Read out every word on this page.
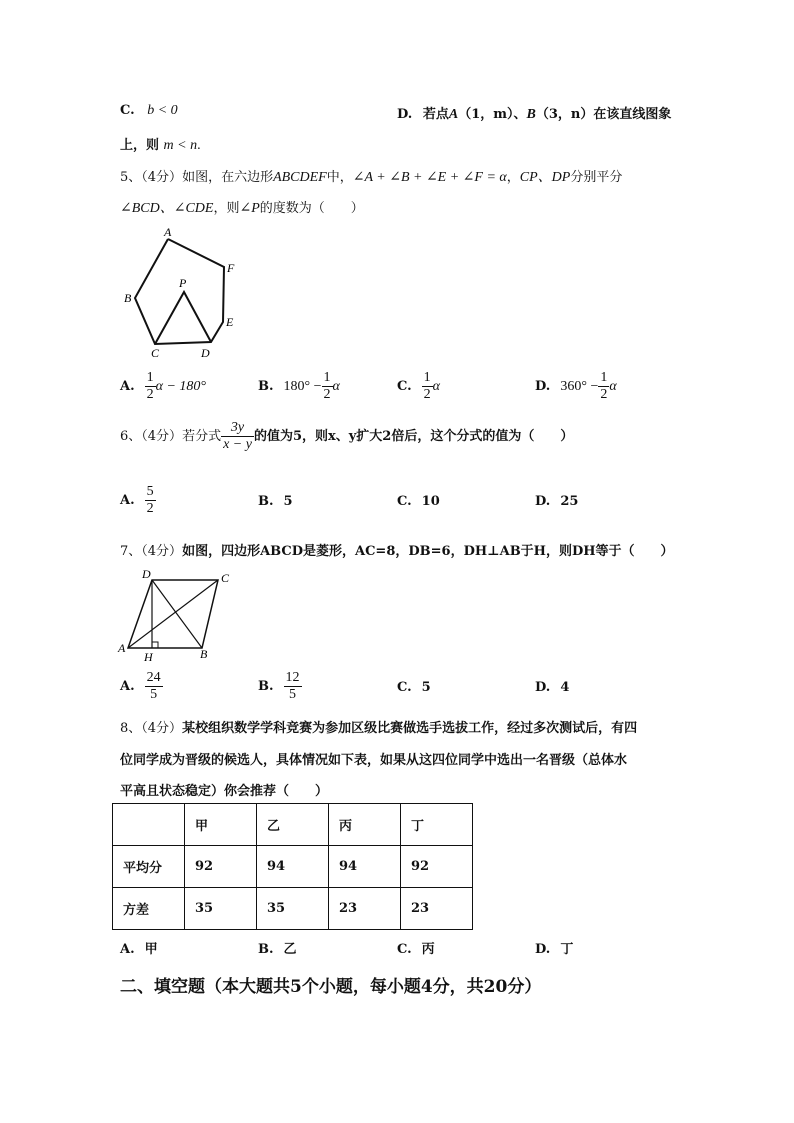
C. b < 0	D. 若点A（1，m）、B（3，n）在该直线图象
上，则 m < n.
5、（4分）如图，在六边形ABCDEF中，∠A + ∠B + ∠E + ∠F = α，CP、DP分别平分
∠BCD、∠CDE，则∠P的度数为（　　）
A
B
C	D
E
F
P
A. $\frac{1}{2}$ α − 180°	B. $180^\circ - \frac{1}{2}$ α	C. $\frac{1}{2}$ α	D. $360^\circ - \frac{1}{2}$ α
6、（4分）若分式 $\frac{3y}{x - y}$ 的值为5，则x、y扩大2倍后，这个分式的值为（　　）
A. $\frac{5}{2}$	B. 5	C. 10	D. 25
7、（4分）如图，四边形ABCD是菱形，AC=8，DB=6，DH⊥AB于H，则DH等于（　　）
D	C
A
H	B
A. $\frac{24}{5}$	B. $\frac{12}{5}$	C. 5	D. 4
8、（4分）某校组织数学学科竞赛为参加区级比赛做选手选拔工作，经过多次测试后，有四
位同学成为晋级的候选人，具体情况如下表，如果从这四位同学中选出一名晋级（总体水
平高且状态稳定）你会推荐（　　）
	甲	乙	丙	丁
平均分	92	94	94	92
方差	35	35	23	23
A. 甲	B. 乙	C. 丙	D. 丁
二、填空题（本大题共5个小题，每小题4分，共20分）
